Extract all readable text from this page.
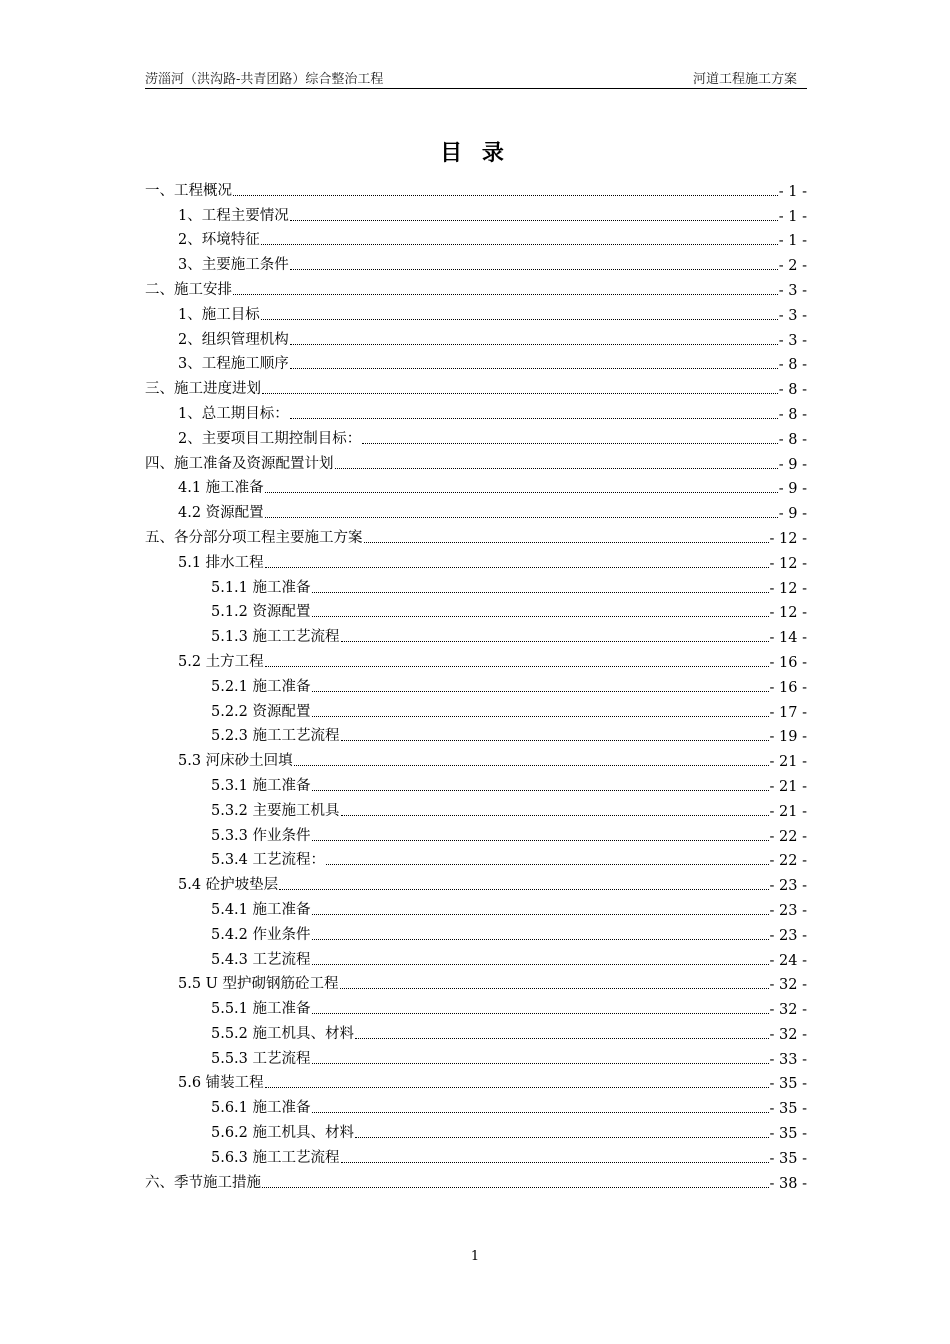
涝淄河（洪沟路-共青团路）综合整治工程	河道工程施工方案
目 录
一、工程概况	- 1 -
1、工程主要情况	- 1 -
2、环境特征	- 1 -
3、主要施工条件	- 2 -
二、施工安排	- 3 -
1、施工目标	- 3 -
2、组织管理机构	- 3 -
3、工程施工顺序	- 8 -
三、施工进度进划	- 8 -
1、总工期目标：	- 8 -
2、主要项目工期控制目标：	- 8 -
四、施工准备及资源配置计划	- 9 -
4.1 施工准备	- 9 -
4.2 资源配置	- 9 -
五、各分部分项工程主要施工方案	- 12 -
5.1 排水工程	- 12 -
5.1.1 施工准备	- 12 -
5.1.2 资源配置	- 12 -
5.1.3 施工工艺流程	- 14 -
5.2 土方工程	- 16 -
5.2.1 施工准备	- 16 -
5.2.2 资源配置	- 17 -
5.2.3 施工工艺流程	- 19 -
5.3 河床砂土回填	- 21 -
5.3.1 施工准备	- 21 -
5.3.2 主要施工机具	- 21 -
5.3.3 作业条件	- 22 -
5.3.4 工艺流程：	- 22 -
5.4 砼护坡垫层	- 23 -
5.4.1 施工准备	- 23 -
5.4.2 作业条件	- 23 -
5.4.3 工艺流程	- 24 -
5.5 U 型护砌钢筋砼工程	- 32 -
5.5.1 施工准备	- 32 -
5.5.2 施工机具、材料	- 32 -
5.5.3 工艺流程	- 33 -
5.6 铺装工程	- 35 -
5.6.1 施工准备	- 35 -
5.6.2 施工机具、材料	- 35 -
5.6.3 施工工艺流程	- 35 -
六、季节施工措施	- 38 -
1
